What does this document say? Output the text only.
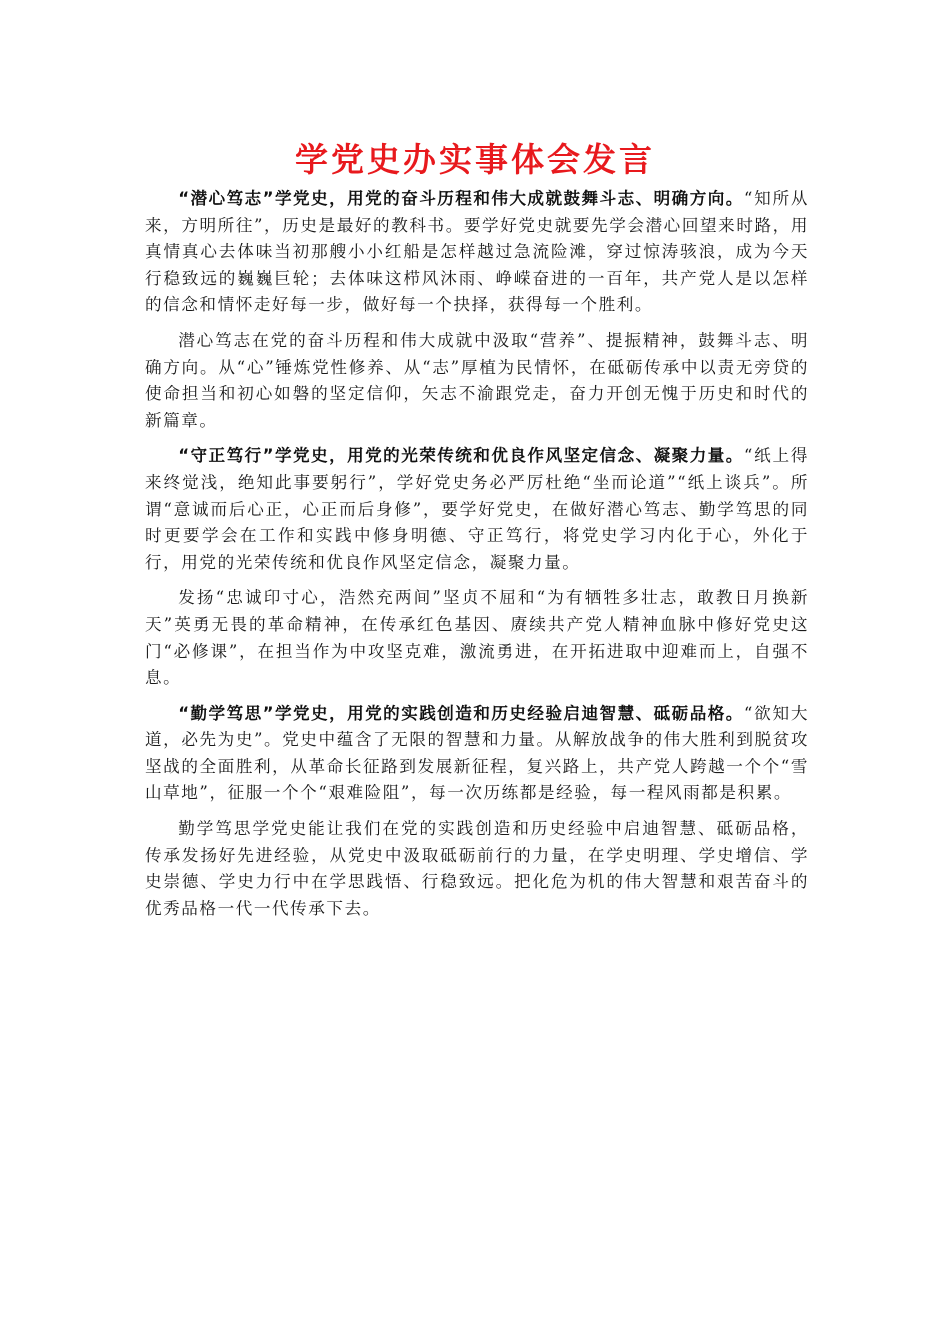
学党史办实事体会发言

“潜心笃志”学党史，用党的奋斗历程和伟大成就鼓舞斗志、明确方向。“知所从来，方明所往”，历史是最好的教科书。要学好党史就要先学会潜心回望来时路，用真情真心去体味当初那艘小小红船是怎样越过急流险滩，穿过惊涛骇浪，成为今天行稳致远的巍巍巨轮；去体味这栉风沐雨、峥嵘奋进的一百年，共产党人是以怎样的信念和情怀走好每一步，做好每一个抉择，获得每一个胜利。

潜心笃志在党的奋斗历程和伟大成就中汲取“营养”、提振精神，鼓舞斗志、明确方向。从“心”锤炼党性修养、从“志”厚植为民情怀，在砥砺传承中以责无旁贷的使命担当和初心如磐的坚定信仰，矢志不渝跟党走，奋力开创无愧于历史和时代的新篇章。

“守正笃行”学党史，用党的光荣传统和优良作风坚定信念、凝聚力量。“纸上得来终觉浅，绝知此事要躬行”，学好党史务必严厉杜绝“坐而论道”“纸上谈兵”。所谓“意诚而后心正，心正而后身修”，要学好党史，在做好潜心笃志、勤学笃思的同时更要学会在工作和实践中修身明德、守正笃行，将党史学习内化于心，外化于行，用党的光荣传统和优良作风坚定信念，凝聚力量。

发扬“忠诚印寸心，浩然充两间”坚贞不屈和“为有牺牲多壮志，敢教日月换新天”英勇无畏的革命精神，在传承红色基因、赓续共产党人精神血脉中修好党史这门“必修课”，在担当作为中攻坚克难，激流勇进，在开拓进取中迎难而上，自强不息。

“勤学笃思”学党史，用党的实践创造和历史经验启迪智慧、砥砺品格。“欲知大道，必先为史”。党史中蕴含了无限的智慧和力量。从解放战争的伟大胜利到脱贫攻坚战的全面胜利，从革命长征路到发展新征程，复兴路上，共产党人跨越一个个“雪山草地”，征服一个个“艰难险阻”，每一次历练都是经验，每一程风雨都是积累。

勤学笃思学党史能让我们在党的实践创造和历史经验中启迪智慧、砥砺品格，传承发扬好先进经验，从党史中汲取砥砺前行的力量，在学史明理、学史增信、学史崇德、学史力行中在学思践悟、行稳致远。把化危为机的伟大智慧和艰苦奋斗的优秀品格一代一代传承下去。
